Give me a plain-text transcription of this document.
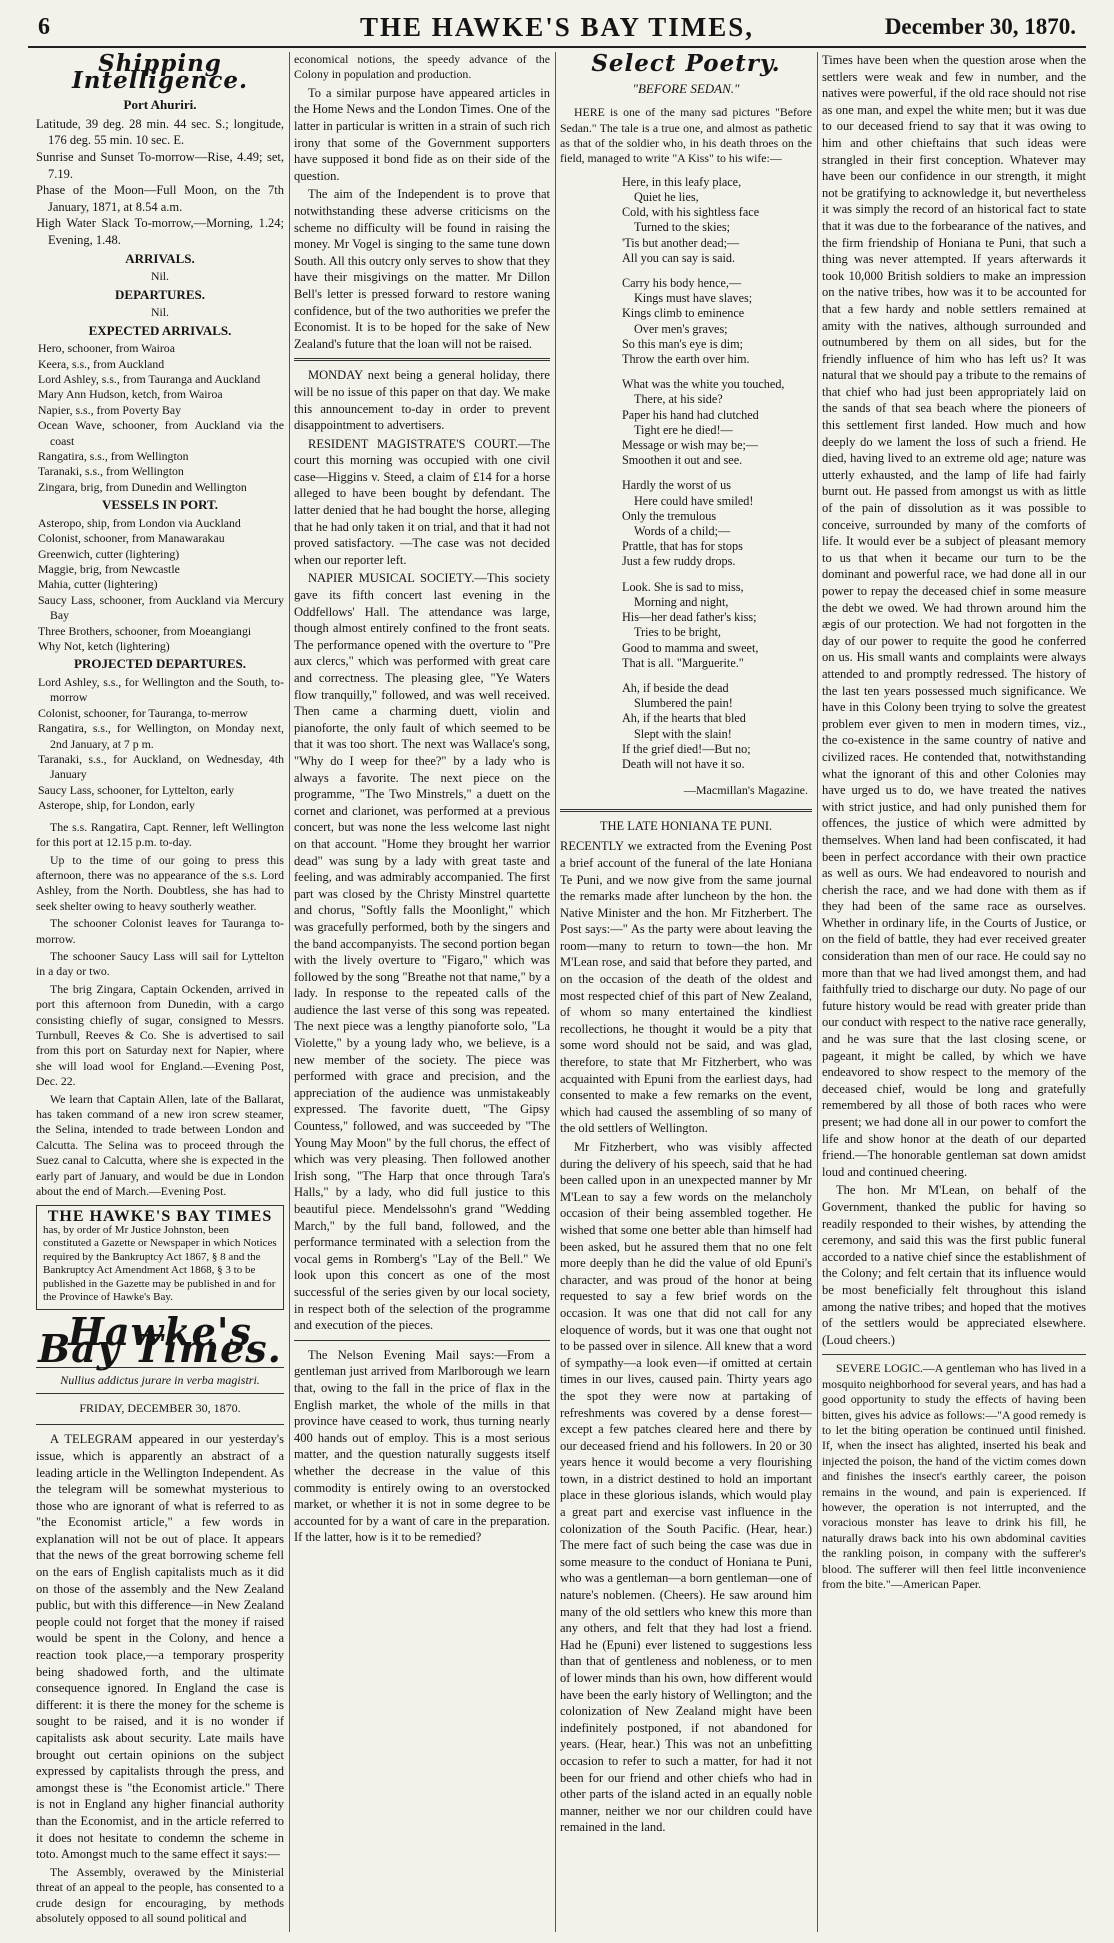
6	THE HAWKE'S BAY TIMES,	December 30, 1870.
Shipping Intelligence.
Port Ahuriri.

Latitude, 39 deg. 28 min. 44 sec. S.; longitude, 176 deg. 55 min. 10 sec. E.

Sunrise and Sunset To-morrow—Rise, 4.49; set, 7.19.

Phase of the Moon—Full Moon, on the 7th January, 1871, at 8.54 a.m.

High Water Slack To-morrow,—Morning, 1.24; Evening, 1.48.

ARRIVALS.
Nil.
DEPARTURES.
Nil.
EXPECTED ARRIVALS.

Hero, schooner, from Wairoa

Keera, s.s., from Auckland

Lord Ashley, s.s., from Tauranga and Auckland

Mary Ann Hudson, ketch, from Wairoa

Napier, s.s., from Poverty Bay

Ocean Wave, schooner, from Auckland via the coast

Rangatira, s.s., from Wellington

Taranaki, s.s., from Wellington

Zingara, brig, from Dunedin and Wellington

VESSELS IN PORT.

Asteropo, ship, from London via Auckland

Colonist, schooner, from Manawarakau

Greenwich, cutter (lightering)

Maggie, brig, from Newcastle

Mahia, cutter (lightering)

Saucy Lass, schooner, from Auckland via Mercury Bay

Three Brothers, schooner, from Moeangiangi

Why Not, ketch (lightering)

PROJECTED DEPARTURES.

Lord Ashley, s.s., for Wellington and the South, to-morrow

Colonist, schooner, for Tauranga, to-merrow

Rangatira, s.s., for Wellington, on Monday next, 2nd January, at 7 p m.

Taranaki, s.s., for Auckland, on Wednesday, 4th January

Saucy Lass, schooner, for Lyttelton, early

Asterope, ship, for London, early

The s.s. Rangatira, Capt. Renner, left Wellington for this port at 12.15 p.m. to-day.

Up to the time of our going to press this afternoon, there was no appearance of the s.s. Lord Ashley, from the North. Doubtless, she has had to seek shelter owing to heavy southerly weather.

The schooner Colonist leaves for Tauranga to-morrow.

The schooner Saucy Lass will sail for Lyttelton in a day or two.

The brig Zingara, Captain Ockenden, arrived in port this afternoon from Dunedin, with a cargo consisting chiefly of sugar, consigned to Messrs. Turnbull, Reeves & Co. She is advertised to sail from this port on Saturday next for Napier, where she will load wool for England.—Evening Post, Dec. 22.

We learn that Captain Allen, late of the Ballarat, has taken command of a new iron screw steamer, the Selina, intended to trade between London and Calcutta. The Selina was to proceed through the Suez canal to Calcutta, where she is expected in the early part of January, and would be due in London about the end of March.—Evening Post.

THE HAWKE'S BAY TIMES
has, by order of Mr Justice Johnston, been constituted a Gazette or Newspaper in which Notices required by the Bankruptcy Act 1867, § 8 and the Bankruptcy Act Amendment Act 1868, § 3 to be published in the Gazette may be published in and for the Province of Hawke's Bay.
Hawke's Bay Times.
Nullius addictus jurare in verba magistri.
FRIDAY, DECEMBER 30, 1870.

A TELEGRAM appeared in our yesterday's issue, which is apparently an abstract of a leading article in the Wellington Independent. As the telegram will be somewhat mysterious to those who are ignorant of what is referred to as "the Economist article," a few words in explanation will not be out of place. It appears that the news of the great borrowing scheme fell on the ears of English capitalists much as it did on those of the assembly and the New Zealand public, but with this difference—in New Zealand people could not forget that the money if raised would be spent in the Colony, and hence a reaction took place,—a temporary prosperity being shadowed forth, and the ultimate consequence ignored. In England the case is different: it is there the money for the scheme is sought to be raised, and it is no wonder if capitalists ask about security. Late mails have brought out certain opinions on the subject expressed by capitalists through the press, and amongst these is "the Economist article." There is not in England any higher financial authority than the Economist, and in the article referred to it does not hesitate to condemn the scheme in toto. Amongst much to the same effect it says:—

The Assembly, overawed by the Ministerial threat of an appeal to the people, has consented to a crude design for encouraging, by methods absolutely opposed to all sound political and

economical notions, the speedy advance of the Colony in population and production.

To a similar purpose have appeared articles in the Home News and the London Times. One of the latter in particular is written in a strain of such rich irony that some of the Government supporters have supposed it bond fide as on their side of the question.

The aim of the Independent is to prove that notwithstanding these adverse criticisms on the scheme no difficulty will be found in raising the money. Mr Vogel is singing to the same tune down South. All this outcry only serves to show that they have their misgivings on the matter. Mr Dillon Bell's letter is pressed forward to restore waning confidence, but of the two authorities we prefer the Economist. It is to be hoped for the sake of New Zealand's future that the loan will not be raised.

MONDAY next being a general holiday, there will be no issue of this paper on that day. We make this announcement to-day in order to prevent disappointment to advertisers.

RESIDENT MAGISTRATE'S COURT.—The court this morning was occupied with one civil case—Higgins v. Steed, a claim of £14 for a horse alleged to have been bought by defendant. The latter denied that he had bought the horse, alleging that he had only taken it on trial, and that it had not proved satisfactory. —The case was not decided when our reporter left.

NAPIER MUSICAL SOCIETY.—This society gave its fifth concert last evening in the Oddfellows' Hall. The attendance was large, though almost entirely confined to the front seats. The performance opened with the overture to "Pre aux clercs," which was performed with great care and correctness. The pleasing glee, "Ye Waters flow tranquilly," followed, and was well received. Then came a charming duett, violin and pianoforte, the only fault of which seemed to be that it was too short. The next was Wallace's song, "Why do I weep for thee?" by a lady who is always a favorite. The next piece on the programme, "The Two Minstrels," a duett on the cornet and clarionet, was performed at a previous concert, but was none the less welcome last night on that account. "Home they brought her warrior dead" was sung by a lady with great taste and feeling, and was admirably accompanied. The first part was closed by the Christy Minstrel quartette and chorus, "Softly falls the Moonlight," which was gracefully performed, both by the singers and the band accompanyists. The second portion began with the lively overture to "Figaro," which was followed by the song "Breathe not that name," by a lady. In response to the repeated calls of the audience the last verse of this song was repeated. The next piece was a lengthy pianoforte solo, "La Violette," by a young lady who, we believe, is a new member of the society. The piece was performed with grace and precision, and the appreciation of the audience was unmistakeably expressed. The favorite duett, "The Gipsy Countess," followed, and was succeeded by "The Young May Moon" by the full chorus, the effect of which was very pleasing. Then followed another Irish song, "The Harp that once through Tara's Halls," by a lady, who did full justice to this beautiful piece. Mendelssohn's grand "Wedding March," by the full band, followed, and the performance terminated with a selection from the vocal gems in Romberg's "Lay of the Bell." We look upon this concert as one of the most successful of the series given by our local society, in respect both of the selection of the programme and execution of the pieces.

The Nelson Evening Mail says:—From a gentleman just arrived from Marlborough we learn that, owing to the fall in the price of flax in the English market, the whole of the mills in that province have ceased to work, thus turning nearly 400 hands out of employ. This is a most serious matter, and the question naturally suggests itself whether the decrease in the value of this commodity is entirely owing to an overstocked market, or whether it is not in some degree to be accounted for by a want of care in the preparation. If the latter, how is it to be remedied?

Select Poetry.
"BEFORE SEDAN."

HERE is one of the many sad pictures "Before Sedan." The tale is a true one, and almost as pathetic as that of the soldier who, in his death throes on the field, managed to write "A Kiss" to his wife:—

Here, in this leafy place,
Quiet he lies,
Cold, with his sightless face
Turned to the skies;
'Tis but another dead;—
All you can say is said.
Carry his body hence,—
Kings must have slaves;
Kings climb to eminence
Over men's graves;
So this man's eye is dim;
Throw the earth over him.
What was the white you touched,
There, at his side?
Paper his hand had clutched
Tight ere he died!—
Message or wish may be;—
Smoothen it out and see.
Hardly the worst of us
Here could have smiled!
Only the tremulous
Words of a child;—
Prattle, that has for stops
Just a few ruddy drops.
Look. She is sad to miss,
Morning and night,
His—her dead father's kiss;
Tries to be bright,
Good to mamma and sweet,
That is all. "Marguerite."
Ah, if beside the dead
Slumbered the pain!
Ah, if the hearts that bled
Slept with the slain!
If the grief died!—But no;
Death will not have it so.
—Macmillan's Magazine.
THE LATE HONIANA TE PUNI.

RECENTLY we extracted from the Evening Post a brief account of the funeral of the late Honiana Te Puni, and we now give from the same journal the remarks made after luncheon by the hon. the Native Minister and the hon. Mr Fitzherbert. The Post says:—" As the party were about leaving the room—many to return to town—the hon. Mr M'Lean rose, and said that before they parted, and on the occasion of the death of the oldest and most respected chief of this part of New Zealand, of whom so many entertained the kindliest recollections, he thought it would be a pity that some word should not be said, and was glad, therefore, to state that Mr Fitzherbert, who was acquainted with Epuni from the earliest days, had consented to make a few remarks on the event, which had caused the assembling of so many of the old settlers of Wellington.

Mr Fitzherbert, who was visibly affected during the delivery of his speech, said that he had been called upon in an unexpected manner by Mr M'Lean to say a few words on the melancholy occasion of their being assembled together. He wished that some one better able than himself had been asked, but he assured them that no one felt more deeply than he did the value of old Epuni's character, and was proud of the honor at being requested to say a few brief words on the occasion. It was one that did not call for any eloquence of words, but it was one that ought not to be passed over in silence. All knew that a word of sympathy—a look even—if omitted at certain times in our lives, caused pain. Thirty years ago the spot they were now at partaking of refreshments was covered by a dense forest—except a few patches cleared here and there by our deceased friend and his followers. In 20 or 30 years hence it would become a very flourishing town, in a district destined to hold an important place in these glorious islands, which would play a great part and exercise vast influence in the colonization of the South Pacific. (Hear, hear.) The mere fact of such being the case was due in some measure to the conduct of Honiana te Puni, who was a gentleman—a born gentleman—one of nature's noblemen. (Cheers). He saw around him many of the old settlers who knew this more than any others, and felt that they had lost a friend. Had he (Epuni) ever listened to suggestions less than that of gentleness and nobleness, or to men of lower minds than his own, how different would have been the early history of Wellington; and the colonization of New Zealand might have been indefinitely postponed, if not abandoned for years. (Hear, hear.) This was not an unbefitting occasion to refer to such a matter, for had it not been for our friend and other chiefs who had in other parts of the island acted in an equally noble manner, neither we nor our children could have remained in the land.

Times have been when the question arose when the settlers were weak and few in number, and the natives were powerful, if the old race should not rise as one man, and expel the white men; but it was due to our deceased friend to say that it was owing to him and other chieftains that such ideas were strangled in their first conception. Whatever may have been our confidence in our strength, it might not be gratifying to acknowledge it, but nevertheless it was simply the record of an historical fact to state that it was due to the forbearance of the natives, and the firm friendship of Honiana te Puni, that such a thing was never attempted. If years afterwards it took 10,000 British soldiers to make an impression on the native tribes, how was it to be accounted for that a few hardy and noble settlers remained at amity with the natives, although surrounded and outnumbered by them on all sides, but for the friendly influence of him who has left us? It was natural that we should pay a tribute to the remains of that chief who had just been appropriately laid on the sands of that sea beach where the pioneers of this settlement first landed. How much and how deeply do we lament the loss of such a friend. He died, having lived to an extreme old age; nature was utterly exhausted, and the lamp of life had fairly burnt out. He passed from amongst us with as little of the pain of dissolution as it was possible to conceive, surrounded by many of the comforts of life. It would ever be a subject of pleasant memory to us that when it became our turn to be the dominant and powerful race, we had done all in our power to repay the deceased chief in some measure the debt we owed. We had thrown around him the ægis of our protection. We had not forgotten in the day of our power to requite the good he conferred on us. His small wants and complaints were always attended to and promptly redressed. The history of the last ten years possessed much significance. We have in this Colony been trying to solve the greatest problem ever given to men in modern times, viz., the co-existence in the same country of native and civilized races. He contended that, notwithstanding what the ignorant of this and other Colonies may have urged us to do, we have treated the natives with strict justice, and had only punished them for offences, the justice of which were admitted by themselves. When land had been confiscated, it had been in perfect accordance with their own practice as well as ours. We had endeavored to nourish and cherish the race, and we had done with them as if they had been of the same race as ourselves. Whether in ordinary life, in the Courts of Justice, or on the field of battle, they had ever received greater consideration than men of our race. He could say no more than that we had lived amongst them, and had faithfully tried to discharge our duty. No page of our future history would be read with greater pride than our conduct with respect to the native race generally, and he was sure that the last closing scene, or pageant, it might be called, by which we have endeavored to show respect to the memory of the deceased chief, would be long and gratefully remembered by all those of both races who were present; we had done all in our power to comfort the life and show honor at the death of our departed friend.—The honorable gentleman sat down amidst loud and continued cheering.

The hon. Mr M'Lean, on behalf of the Government, thanked the public for having so readily responded to their wishes, by attending the ceremony, and said this was the first public funeral accorded to a native chief since the establishment of the Colony; and felt certain that its influence would be most beneficially felt throughout this island among the native tribes; and hoped that the motives of the settlers would be appreciated elsewhere. (Loud cheers.)

SEVERE LOGIC.—A gentleman who has lived in a mosquito neighborhood for several years, and has had a good opportunity to study the effects of having been bitten, gives his advice as follows:—"A good remedy is to let the biting operation be continued until finished. If, when the insect has alighted, inserted his beak and injected the poison, the hand of the victim comes down and finishes the insect's earthly career, the poison remains in the wound, and pain is experienced. If however, the operation is not interrupted, and the voracious monster has leave to drink his fill, he naturally draws back into his own abdominal cavities the rankling poison, in company with the sufferer's blood. The sufferer will then feel little inconvenience from the bite."—American Paper.
